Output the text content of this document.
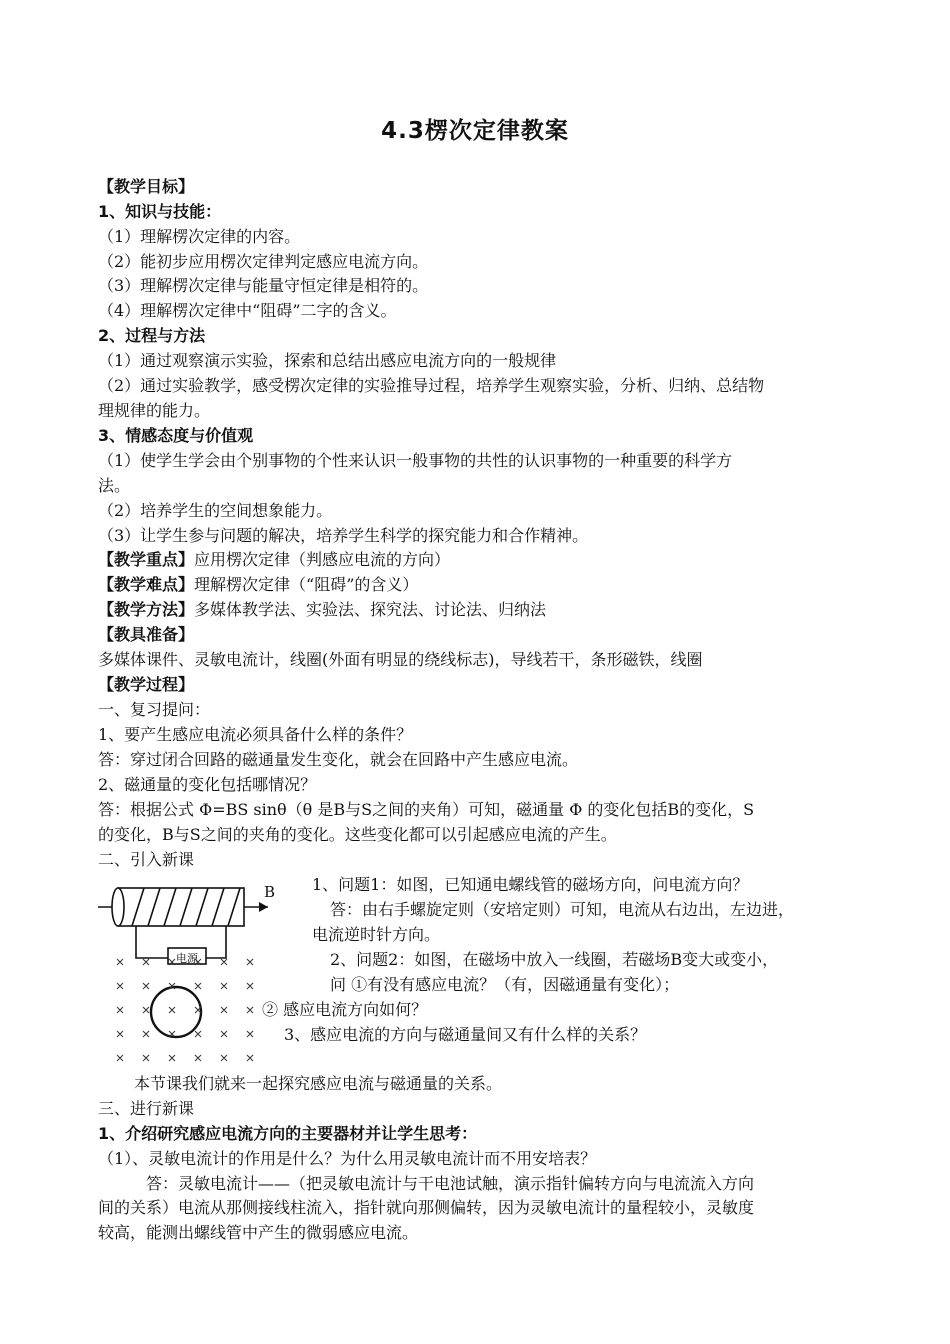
4.3楞次定律教案
【教学目标】
1、知识与技能：
（1）理解楞次定律的内容。
（2）能初步应用楞次定律判定感应电流方向。
（3）理解楞次定律与能量守恒定律是相符的。
（4）理解楞次定律中“阻碍”二字的含义。
2、过程与方法
（1）通过观察演示实验，探索和总结出感应电流方向的一般规律
（2）通过实验教学，感受楞次定律的实验推导过程，培养学生观察实验，分析、归纳、总结物
理规律的能力。
3、情感态度与价值观
（1）使学生学会由个别事物的个性来认识一般事物的共性的认识事物的一种重要的科学方
法。
（2）培养学生的空间想象能力。
（3）让学生参与问题的解决，培养学生科学的探究能力和合作精神。
【教学重点】应用楞次定律（判感应电流的方向）
【教学难点】理解楞次定律（“阻碍”的含义）
【教学方法】多媒体教学法、实验法、探究法、讨论法、归纳法
【教具准备】
多媒体课件、灵敏电流计，线圈(外面有明显的绕线标志)，导线若干，条形磁铁，线圈
【教学过程】
一、复习提问：
1、要产生感应电流必须具备什么样的条件？
答：穿过闭合回路的磁通量发生变化，就会在回路中产生感应电流。
2、磁通量的变化包括哪情况？
答：根据公式 Φ=BS sinθ（θ 是B与S之间的夹角）可知，磁通量 Φ 的变化包括B的变化，S
的变化，B与S之间的夹角的变化。这些变化都可以引起感应电流的产生。
二、引入新课
B
电源
1、问题1：如图，已知通电螺线管的磁场方向，问电流方向？
答：由右手螺旋定则（安培定则）可知，电流从右边出，左边进，
电流逆时针方向。
2、问题2：如图，在磁场中放入一线圈，若磁场B变大或变小，
问 ①有没有感应电流？（有，因磁通量有变化）；
② 感应电流方向如何？
3、感应电流的方向与磁通量间又有什么样的关系？
本节课我们就来一起探究感应电流与磁通量的关系。
三、进行新课
1、介绍研究感应电流方向的主要器材并让学生思考：
（1）、灵敏电流计的作用是什么？为什么用灵敏电流计而不用安培表？
答：灵敏电流计——（把灵敏电流计与干电池试触，演示指针偏转方向与电流流入方向
间的关系）电流从那侧接线柱流入，指针就向那侧偏转，因为灵敏电流计的量程较小，灵敏度
较高，能测出螺线管中产生的微弱感应电流。
